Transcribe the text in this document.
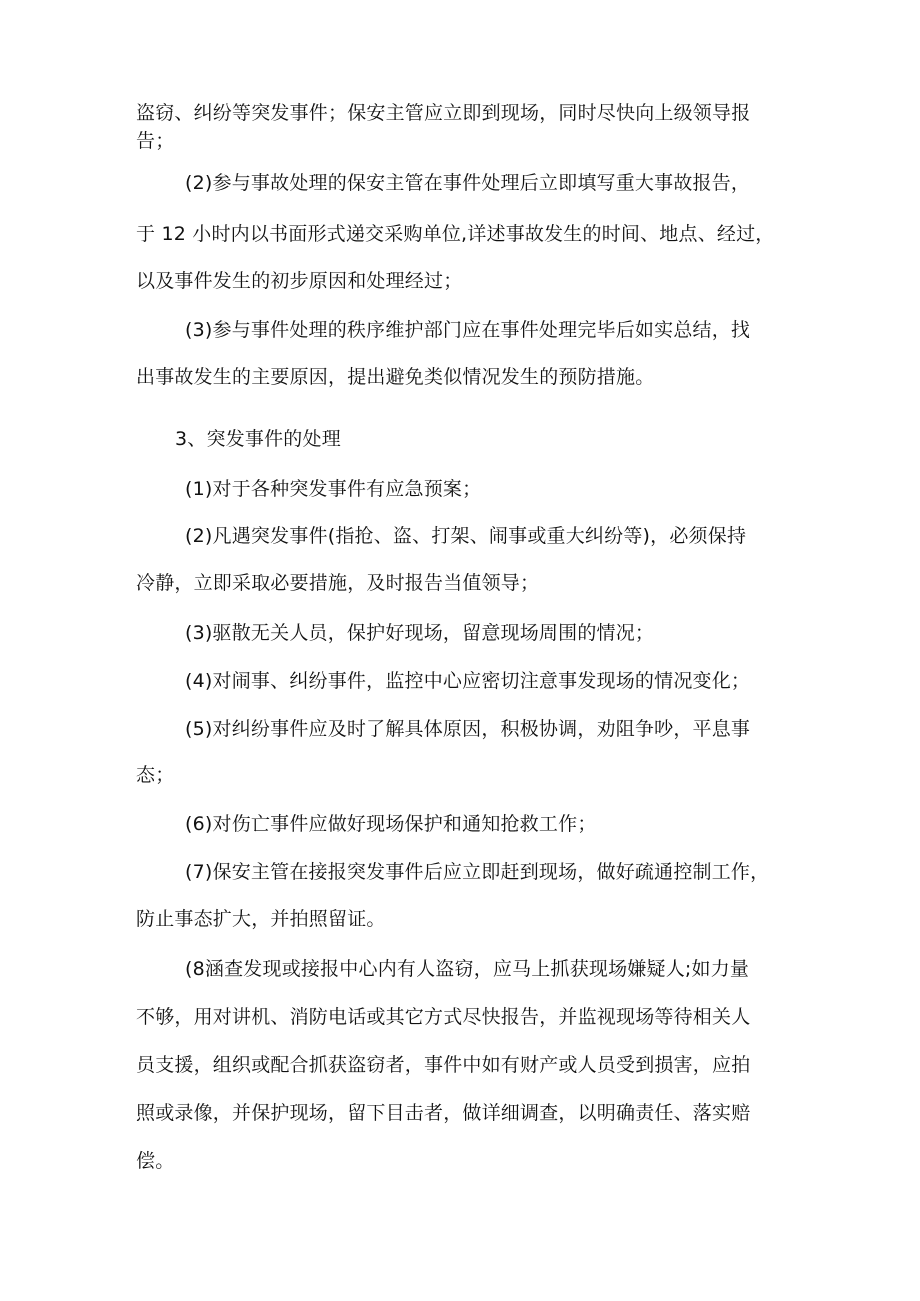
盗窃、纠纷等突发事件；保安主管应立即到现场，同时尽快向上级领导报
告；
(2)参与事故处理的保安主管在事件处理后立即填写重大事故报告，
于 12 小时内以书面形式递交采购单位,详述事故发生的时间、地点、经过，
以及事件发生的初步原因和处理经过；
(3)参与事件处理的秩序维护部门应在事件处理完毕后如实总结，找
出事故发生的主要原因，提出避免类似情况发生的预防措施。
3、突发事件的处理
(1)对于各种突发事件有应急预案；
(2)凡遇突发事件(指抢、盗、打架、闹事或重大纠纷等)，必须保持
冷静，立即采取必要措施，及时报告当值领导；
(3)驱散无关人员，保护好现场，留意现场周围的情况；
(4)对闹事、纠纷事件，监控中心应密切注意事发现场的情况变化；
(5)对纠纷事件应及时了解具体原因，积极协调，劝阻争吵，平息事
态；
(6)对伤亡事件应做好现场保护和通知抢救工作；
(7)保安主管在接报突发事件后应立即赶到现场，做好疏通控制工作，
防止事态扩大，并拍照留证。
(8涵查发现或接报中心内有人盗窃，应马上抓获现场嫌疑人;如力量
不够，用对讲机、消防电话或其它方式尽快报告，并监视现场等待相关人
员支援，组织或配合抓获盗窃者，事件中如有财产或人员受到损害，应拍
照或录像，并保护现场，留下目击者，做详细调查，以明确责任、落实赔
偿。
